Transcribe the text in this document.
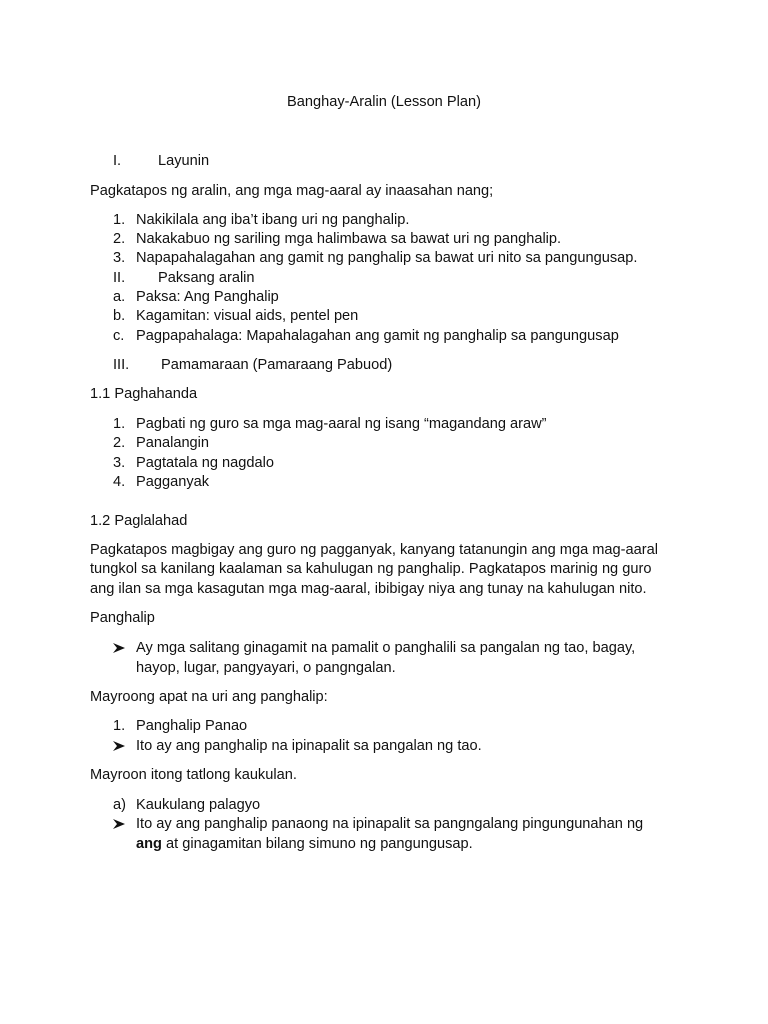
Banghay-Aralin (Lesson Plan)
I.	Layunin
Pagkatapos ng aralin, ang mga mag-aaral ay inaasahan nang;
1. Nakikilala ang iba’t ibang uri ng panghalip.
2. Nakakabuo ng sariling mga halimbawa sa bawat uri ng panghalip.
3. Napapahalagahan ang gamit ng panghalip sa bawat uri nito sa pangungusap.
II. Paksang aralin
a. Paksa: Ang Panghalip
b. Kagamitan: visual aids, pentel pen
c. Pagpapahalaga: Mapahalagahan ang gamit ng panghalip sa pangungusap
III. Pamamaraan (Pamaraang Pabuod)
1.1 Paghahanda
1. Pagbati ng guro sa mga mag-aaral ng isang “magandang araw”
2. Panalangin
3. Pagtatala ng nagdalo
4. Pagganyak
1.2 Paglalahad
Pagkatapos magbigay ang guro ng pagganyak, kanyang tatanungin ang mga mag-aaral
tungkol sa kanilang kaalaman sa kahulugan ng panghalip. Pagkatapos marinig ng guro
ang ilan sa mga kasagutan mga mag-aaral, ibibigay niya ang tunay na kahulugan nito.
Panghalip
Ay mga salitang ginagamit na pamalit o panghalili sa pangalan ng tao, bagay,
hayop, lugar, pangyayari, o pangngalan.
Mayroong apat na uri ang panghalip:
1. Panghalip Panao
Ito ay ang panghalip na ipinapalit sa pangalan ng tao.
Mayroon itong tatlong kaukulan.
a) Kaukulang palagyo
Ito ay ang panghalip panaong na ipinapalit sa pangngalang pingungunahan ng
ang at ginagamitan bilang simuno ng pangungusap.
